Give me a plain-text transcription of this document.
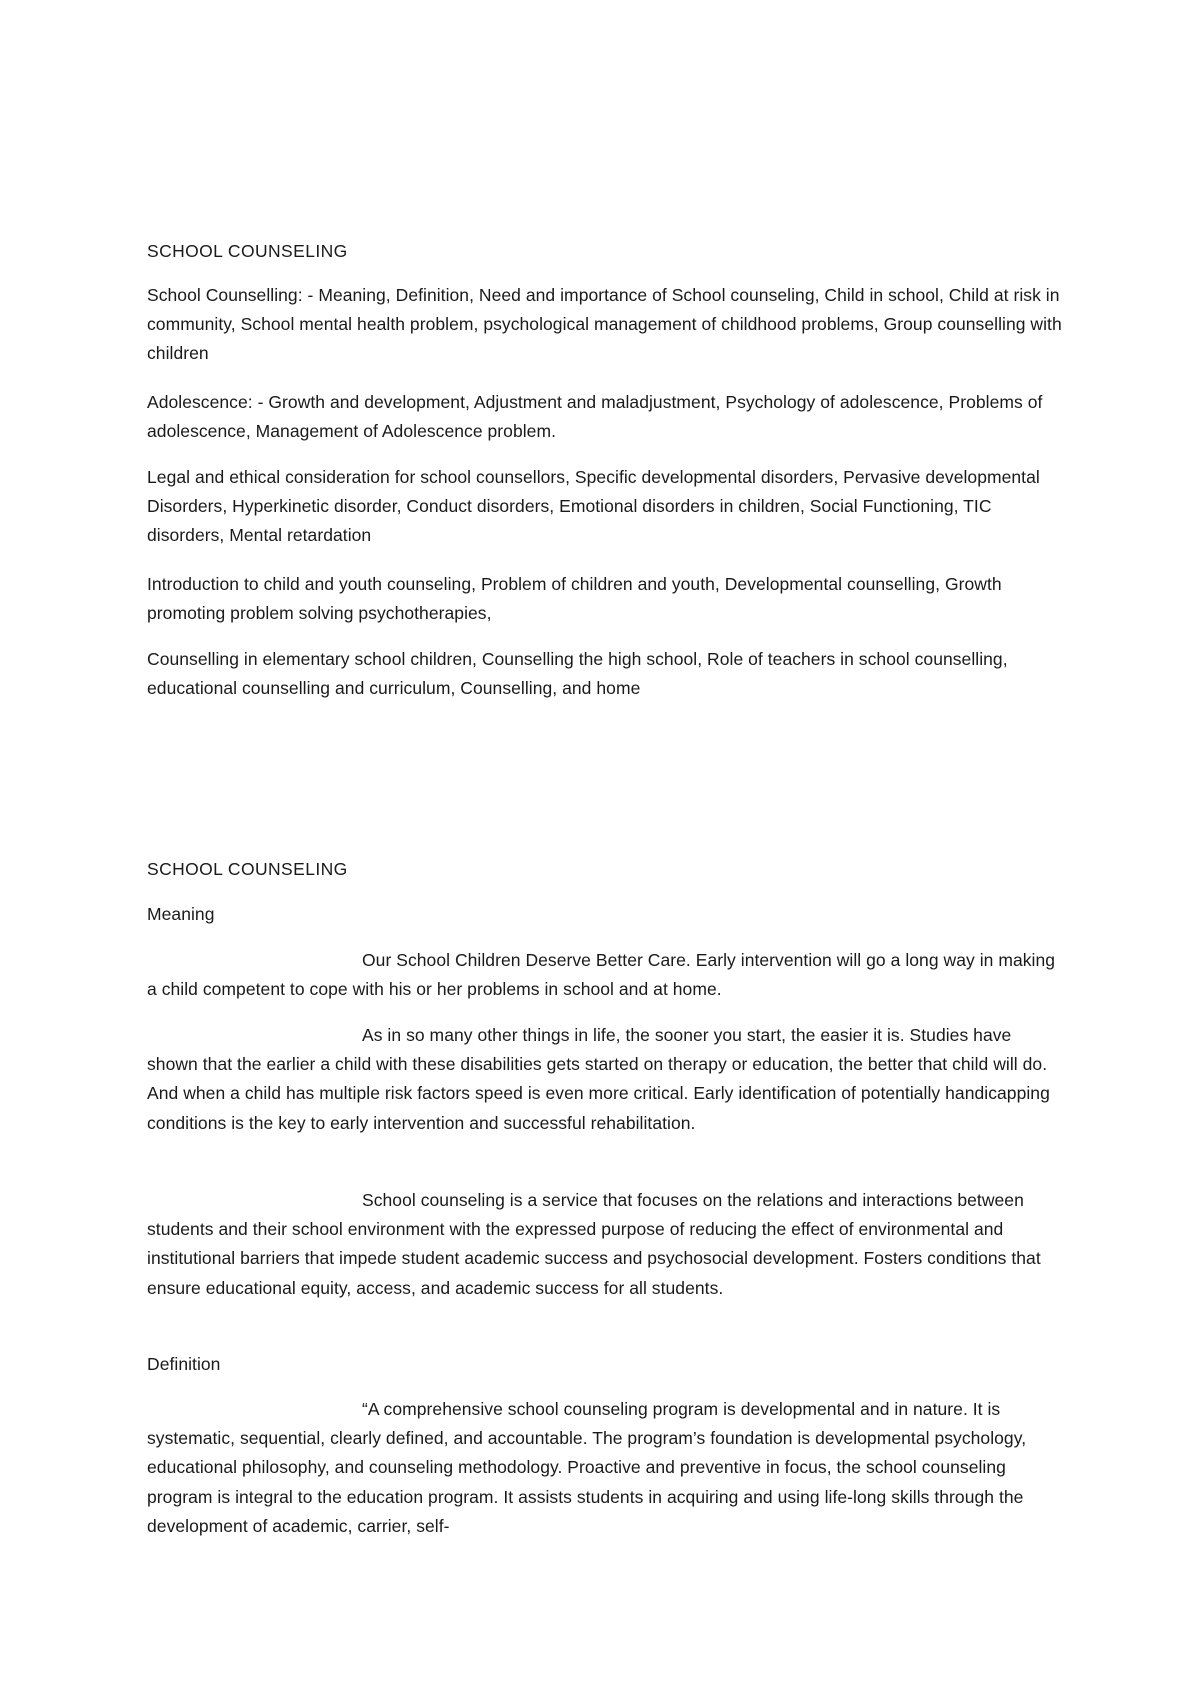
SCHOOL COUNSELING

School Counselling: - Meaning, Definition, Need and importance of School counseling, Child in school, Child at risk in community, School mental health problem, psychological management of childhood problems, Group counselling with children

Adolescence: - Growth and development, Adjustment and maladjustment, Psychology of adolescence, Problems of adolescence, Management of Adolescence problem.

Legal and ethical consideration for school counsellors, Specific developmental disorders, Pervasive developmental Disorders, Hyperkinetic disorder, Conduct disorders, Emotional disorders in children, Social Functioning, TIC disorders, Mental retardation

Introduction to child and youth counseling, Problem of children and youth, Developmental counselling, Growth promoting problem solving psychotherapies,

Counselling in elementary school children, Counselling the high school, Role of teachers in school counselling, educational counselling and curriculum, Counselling, and home

SCHOOL COUNSELING

Meaning

Our School Children Deserve Better Care. Early intervention will go a long way in making a child competent to cope with his or her problems in school and at home.

As in so many other things in life, the sooner you start, the easier it is. Studies have shown that the earlier a child with these disabilities gets started on therapy or education, the better that child will do. And when a child has multiple risk factors speed is even more critical. Early identification of potentially handicapping conditions is the key to early intervention and successful rehabilitation.

School counseling is a service that focuses on the relations and interactions between students and their school environment with the expressed purpose of reducing the effect of environmental and institutional barriers that impede student academic success and psychosocial development. Fosters conditions that ensure educational equity, access, and academic success for all students.

Definition

“A comprehensive school counseling program is developmental and in nature. It is systematic, sequential, clearly defined, and accountable. The program’s foundation is developmental psychology, educational philosophy, and counseling methodology. Proactive and preventive in focus, the school counseling program is integral to the education program. It assists students in acquiring and using life-long skills through the development of academic, carrier, self-
